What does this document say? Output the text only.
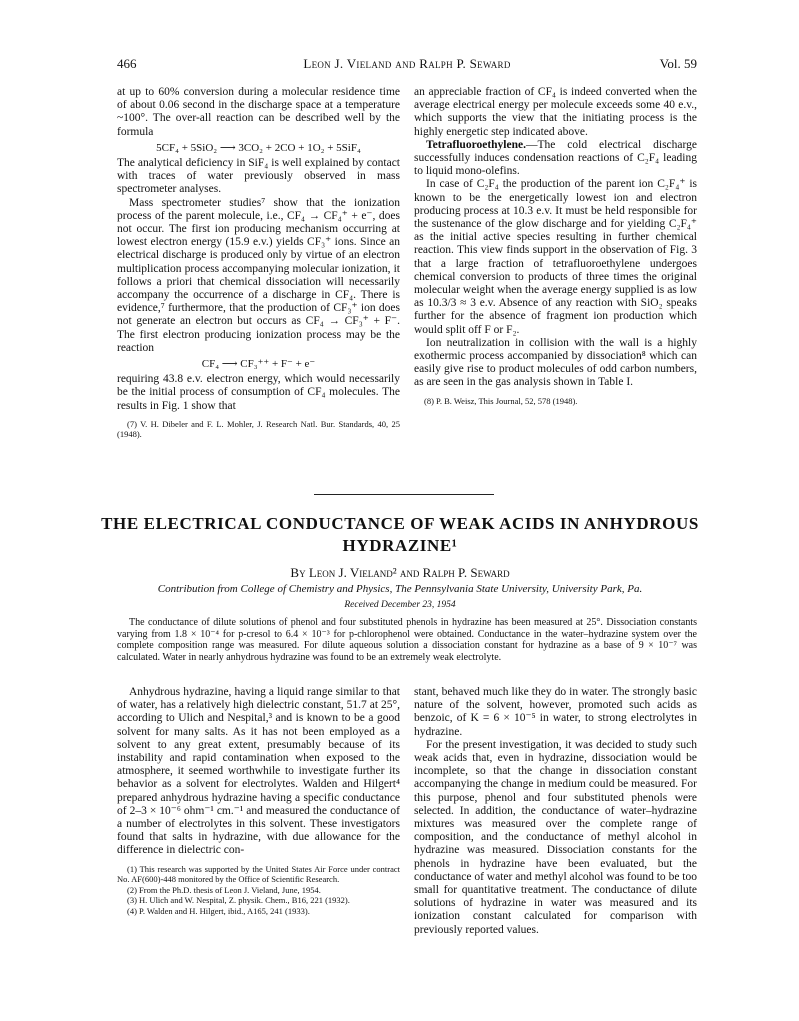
466	Leon J. Vieland and Ralph P. Seward	Vol. 59

at up to 60% conversion during a molecular residence time of about 0.06 second in the discharge space at a temperature ~100°. The over-all reaction can be described well by the formula

5CF₄ + 5SiO₂ ⟶ 3CO₂ + 2CO + 1O₂ + 5SiF₄

The analytical deficiency in SiF₄ is well explained by contact with traces of water previously observed in mass spectrometer analyses.

Mass spectrometer studies⁷ show that the ionization process of the parent molecule, i.e., CF₄ → CF₄⁺ + e⁻, does not occur. The first ion producing mechanism occurring at lowest electron energy (15.9 e.v.) yields CF₃⁺ ions. Since an electrical discharge is produced only by virtue of an electron multiplication process accompanying molecular ionization, it follows a priori that chemical dissociation will necessarily accompany the occurrence of a discharge in CF₄. There is evidence,⁷ furthermore, that the production of CF₃⁺ ion does not generate an electron but occurs as CF₄ → CF₃⁺ + F⁻. The first electron producing ionization process may be the reaction

CF₄ ⟶ CF₃⁺⁺ + F⁻ + e⁻

requiring 43.8 e.v. electron energy, which would necessarily be the initial process of consumption of CF₄ molecules. The results in Fig. 1 show that

(7) V. H. Dibeler and F. L. Mohler, J. Research Natl. Bur. Standards, 40, 25 (1948).

an appreciable fraction of CF₄ is indeed converted when the average electrical energy per molecule exceeds some 40 e.v., which supports the view that the initiating process is the highly energetic step indicated above.

Tetrafluoroethylene.—The cold electrical discharge successfully induces condensation reactions of C₂F₄ leading to liquid mono-olefins.

In case of C₂F₄ the production of the parent ion C₂F₄⁺ is known to be the energetically lowest ion and electron producing process at 10.3 e.v. It must be held responsible for the sustenance of the glow discharge and for yielding C₂F₄⁺ as the initial active species resulting in further chemical reaction. This view finds support in the observation of Fig. 3 that a large fraction of tetrafluoroethylene undergoes chemical conversion to products of three times the original molecular weight when the average energy supplied is as low as 10.3/3 ≈ 3 e.v. Absence of any reaction with SiO₂ speaks further for the absence of fragment ion production which would split off F or F₂.

Ion neutralization in collision with the wall is a highly exothermic process accompanied by dissociation⁸ which can easily give rise to product molecules of odd carbon numbers, as are seen in the gas analysis shown in Table I.

(8) P. B. Weisz, This Journal, 52, 578 (1948).

THE ELECTRICAL CONDUCTANCE OF WEAK ACIDS IN ANHYDROUS HYDRAZINE¹
By Leon J. Vieland² and Ralph P. Seward
Contribution from College of Chemistry and Physics, The Pennsylvania State University, University Park, Pa.
Received December 23, 1954
The conductance of dilute solutions of phenol and four substituted phenols in hydrazine has been measured at 25°. Dissociation constants varying from 1.8 × 10⁻⁴ for p-cresol to 6.4 × 10⁻³ for p-chlorophenol were obtained. Conductance in the water–hydrazine system over the complete composition range was measured. For dilute aqueous solution a dissociation constant for hydrazine as a base of 9 × 10⁻⁷ was calculated. Water in nearly anhydrous hydrazine was found to be an extremely weak electrolyte.

Anhydrous hydrazine, having a liquid range similar to that of water, has a relatively high dielectric constant, 51.7 at 25°, according to Ulich and Nespital,³ and is known to be a good solvent for many salts. As it has not been employed as a solvent to any great extent, presumably because of its instability and rapid contamination when exposed to the atmosphere, it seemed worthwhile to investigate further its behavior as a solvent for electrolytes. Walden and Hilgert⁴ prepared anhydrous hydrazine having a specific conductance of 2–3 × 10⁻⁶ ohm⁻¹ cm.⁻¹ and measured the conductance of a number of electrolytes in this solvent. These investigators found that salts in hydrazine, with due allowance for the difference in dielectric con-

(1) This research was supported by the United States Air Force under contract No. AF(600)-448 monitored by the Office of Scientific Research.

(2) From the Ph.D. thesis of Leon J. Vieland, June, 1954.

(3) H. Ulich and W. Nespital, Z. physik. Chem., B16, 221 (1932).

(4) P. Walden and H. Hilgert, ibid., A165, 241 (1933).

stant, behaved much like they do in water. The strongly basic nature of the solvent, however, promoted such acids as benzoic, of K = 6 × 10⁻⁵ in water, to strong electrolytes in hydrazine.

For the present investigation, it was decided to study such weak acids that, even in hydrazine, dissociation would be incomplete, so that the change in dissociation constant accompanying the change in medium could be measured. For this purpose, phenol and four substituted phenols were selected. In addition, the conductance of water–hydrazine mixtures was measured over the complete range of composition, and the conductance of methyl alcohol in hydrazine was measured. Dissociation constants for the phenols in hydrazine have been evaluated, but the conductance of water and methyl alcohol was found to be too small for quantitative treatment. The conductance of dilute solutions of hydrazine in water was measured and its ionization constant calculated for comparison with previously reported values.
